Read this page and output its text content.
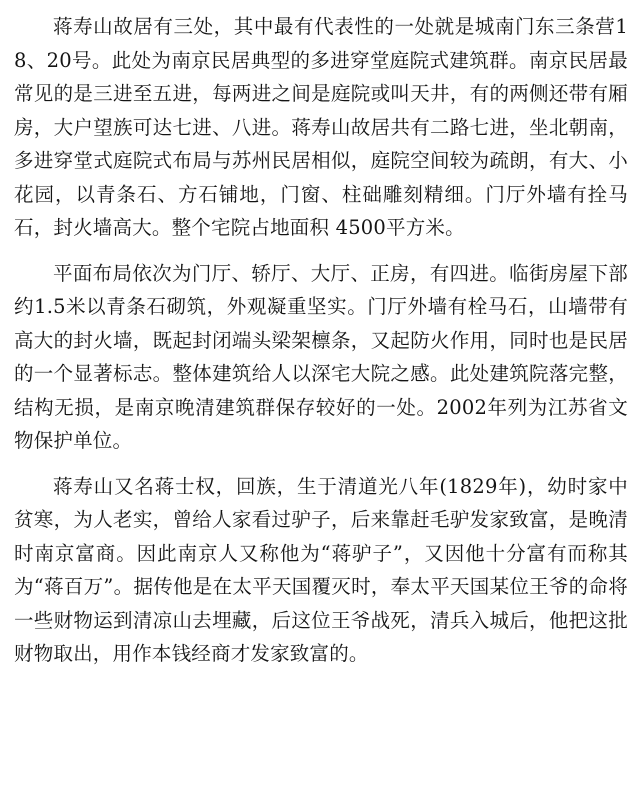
蒋寿山故居有三处，其中最有代表性的一处就是城南门东三条营18、20号。此处为南京民居典型的多进穿堂庭院式建筑群。南京民居最常见的是三进至五进，每两进之间是庭院或叫天井，有的两侧还带有厢房，大户望族可达七进、八进。蒋寿山故居共有二路七进，坐北朝南，多进穿堂式庭院式布局与苏州民居相似，庭院空间较为疏朗，有大、小花园，以青条石、方石铺地，门窗、柱础雕刻精细。门厅外墙有拴马石，封火墙高大。整个宅院占地面积 4500平方米。

平面布局依次为门厅、轿厅、大厅、正房，有四进。临街房屋下部约1.5米以青条石砌筑，外观凝重坚实。门厅外墙有栓马石，山墙带有高大的封火墙，既起封闭端头梁架檩条，又起防火作用，同时也是民居的一个显著标志。整体建筑给人以深宅大院之感。此处建筑院落完整，结构无损，是南京晚清建筑群保存较好的一处。2002年列为江苏省文物保护单位。

蒋寿山又名蒋士权，回族，生于清道光八年(1829年)，幼时家中贫寒，为人老实，曾给人家看过驴子，后来靠赶毛驴发家致富，是晚清时南京富商。因此南京人又称他为“蒋驴子”，又因他十分富有而称其为“蒋百万”。据传他是在太平天国覆灭时，奉太平天国某位王爷的命将一些财物运到清凉山去埋藏，后这位王爷战死，清兵入城后，他把这批财物取出，用作本钱经商才发家致富的。
